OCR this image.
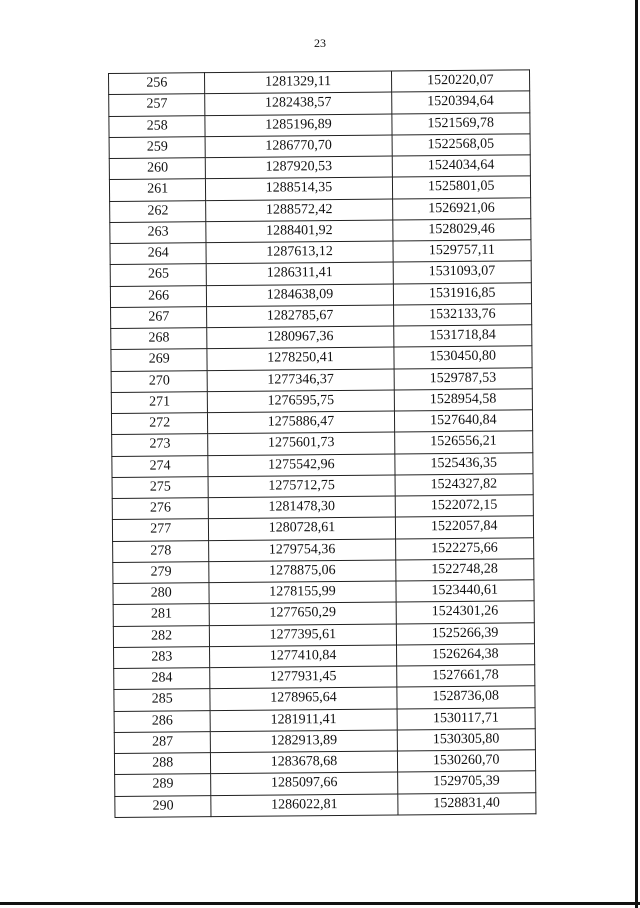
23
256	1281329,11	1520220,07
257	1282438,57	1520394,64
258	1285196,89	1521569,78
259	1286770,70	1522568,05
260	1287920,53	1524034,64
261	1288514,35	1525801,05
262	1288572,42	1526921,06
263	1288401,92	1528029,46
264	1287613,12	1529757,11
265	1286311,41	1531093,07
266	1284638,09	1531916,85
267	1282785,67	1532133,76
268	1280967,36	1531718,84
269	1278250,41	1530450,80
270	1277346,37	1529787,53
271	1276595,75	1528954,58
272	1275886,47	1527640,84
273	1275601,73	1526556,21
274	1275542,96	1525436,35
275	1275712,75	1524327,82
276	1281478,30	1522072,15
277	1280728,61	1522057,84
278	1279754,36	1522275,66
279	1278875,06	1522748,28
280	1278155,99	1523440,61
281	1277650,29	1524301,26
282	1277395,61	1525266,39
283	1277410,84	1526264,38
284	1277931,45	1527661,78
285	1278965,64	1528736,08
286	1281911,41	1530117,71
287	1282913,89	1530305,80
288	1283678,68	1530260,70
289	1285097,66	1529705,39
290	1286022,81	1528831,40
